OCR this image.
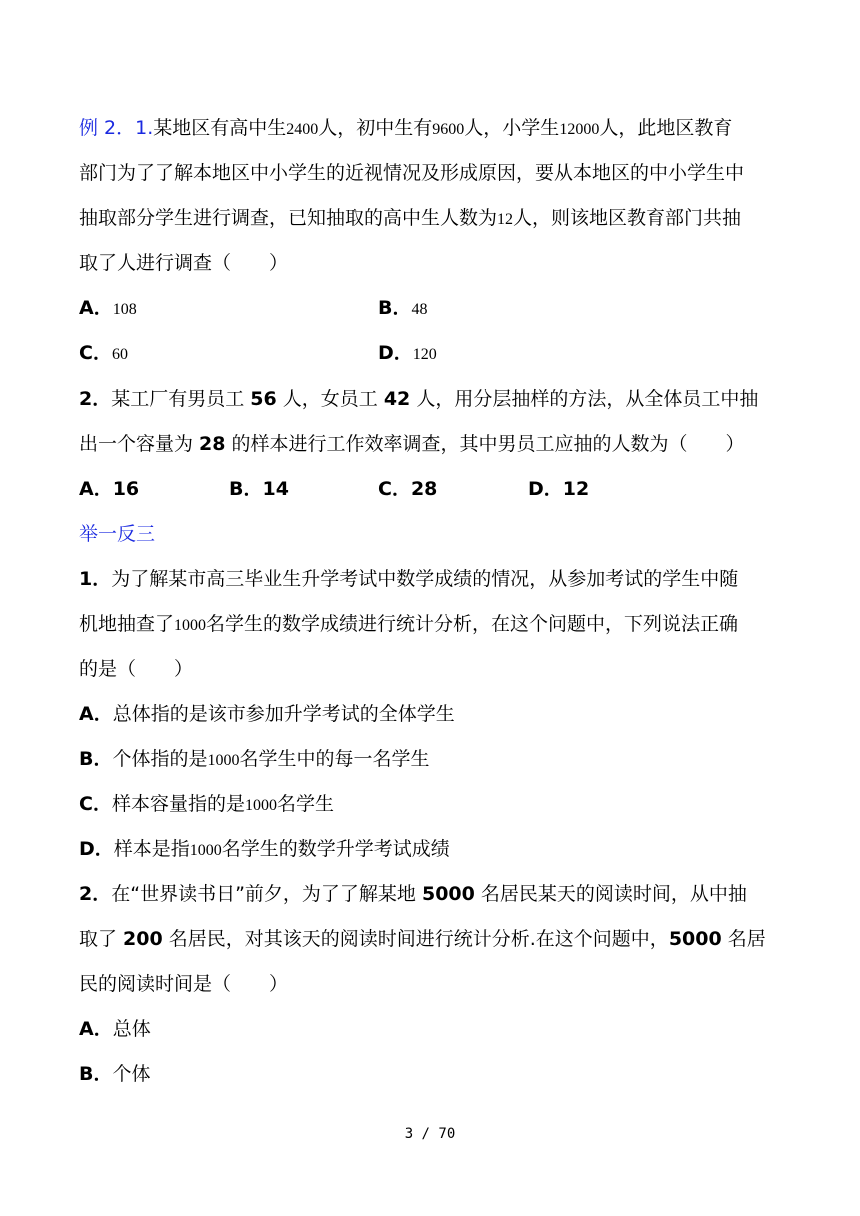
例 2．1.某地区有高中生2400人，初中生有9600人，小学生12000人，此地区教育
部门为了了解本地区中小学生的近视情况及形成原因，要从本地区的中小学生中
抽取部分学生进行调查，已知抽取的高中生人数为12人，则该地区教育部门共抽
取了人进行调查（　　）
A．108	B．48
C．60	D．120
2．某工厂有男员工 56 人，女员工 42 人，用分层抽样的方法，从全体员工中抽
出一个容量为 28 的样本进行工作效率调查，其中男员工应抽的人数为（　　）
A．16	B．14	C．28	D．12
举一反三
1．为了解某市高三毕业生升学考试中数学成绩的情况，从参加考试的学生中随
机地抽查了1000名学生的数学成绩进行统计分析，在这个问题中，下列说法正确
的是（　　）
A．总体指的是该市参加升学考试的全体学生
B．个体指的是1000名学生中的每一名学生
C．样本容量指的是1000名学生
D．样本是指1000名学生的数学升学考试成绩
2．在“世界读书日”前夕，为了了解某地 5000 名居民某天的阅读时间，从中抽
取了 200 名居民，对其该天的阅读时间进行统计分析.在这个问题中，5000 名居
民的阅读时间是（　　）
A．总体
B．个体
3 / 70
